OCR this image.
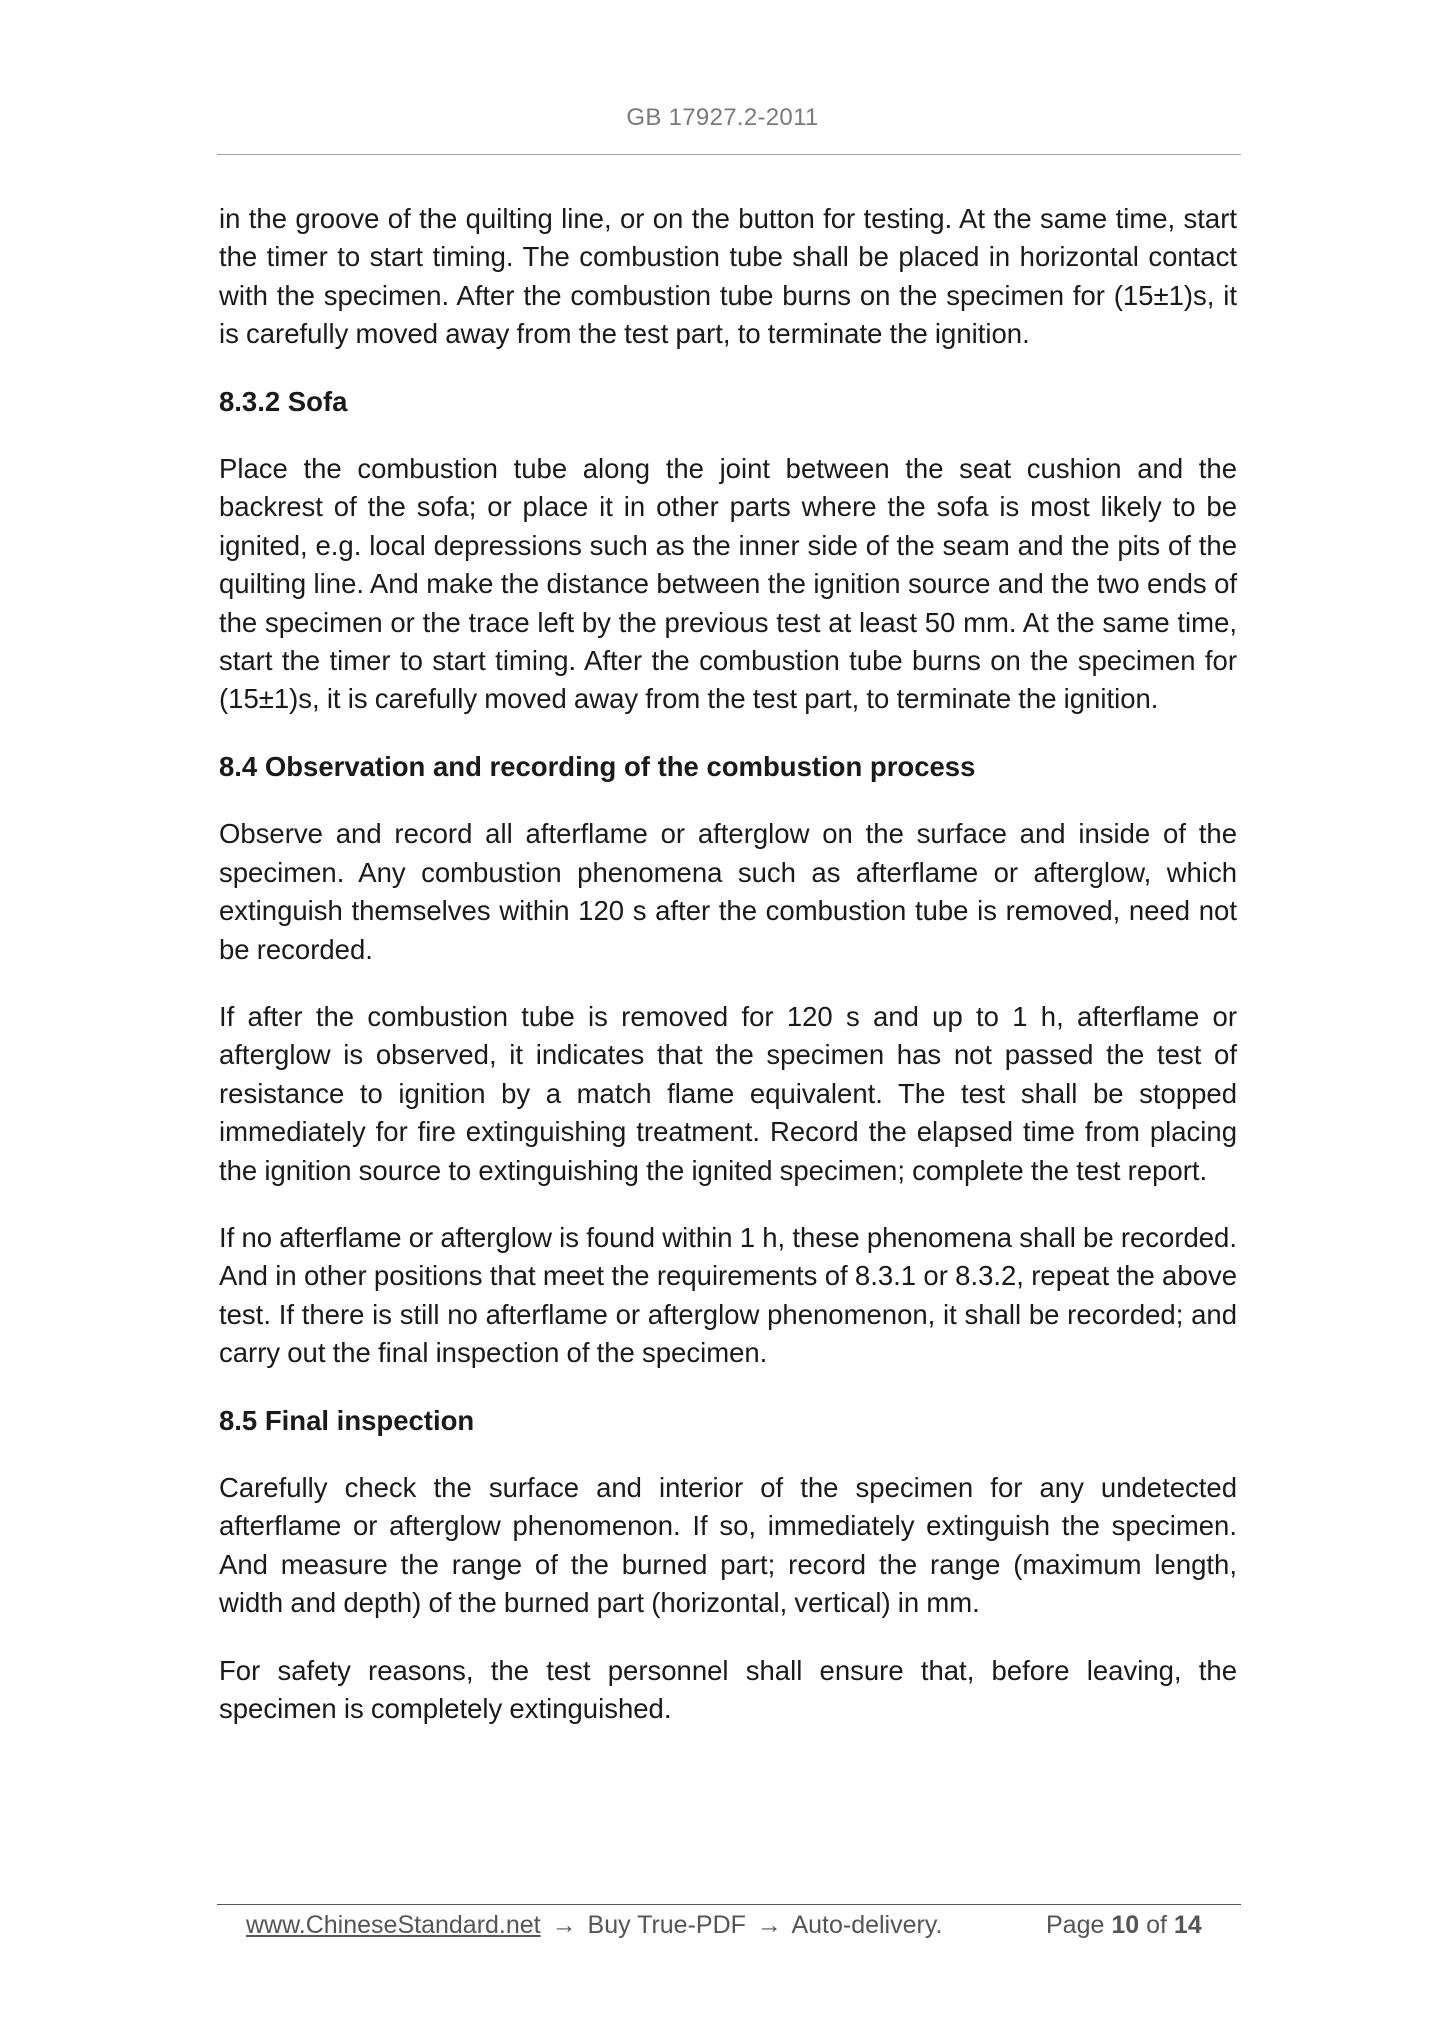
GB 17927.2-2011

in the groove of the quilting line, or on the button for testing. At the same time, start the timer to start timing. The combustion tube shall be placed in horizontal contact with the specimen. After the combustion tube burns on the specimen for (15±1)s, it is carefully moved away from the test part, to terminate the ignition.

8.3.2 Sofa

Place the combustion tube along the joint between the seat cushion and the backrest of the sofa; or place it in other parts where the sofa is most likely to be ignited, e.g. local depressions such as the inner side of the seam and the pits of the quilting line. And make the distance between the ignition source and the two ends of the specimen or the trace left by the previous test at least 50 mm. At the same time, start the timer to start timing. After the combustion tube burns on the specimen for (15±1)s, it is carefully moved away from the test part, to terminate the ignition.

8.4 Observation and recording of the combustion process

Observe and record all afterflame or afterglow on the surface and inside of the specimen. Any combustion phenomena such as afterflame or afterglow, which extinguish themselves within 120 s after the combustion tube is removed, need not be recorded.

If after the combustion tube is removed for 120 s and up to 1 h, afterflame or afterglow is observed, it indicates that the specimen has not passed the test of resistance to ignition by a match flame equivalent. The test shall be stopped immediately for fire extinguishing treatment. Record the elapsed time from placing the ignition source to extinguishing the ignited specimen; complete the test report.

If no afterflame or afterglow is found within 1 h, these phenomena shall be recorded. And in other positions that meet the requirements of 8.3.1 or 8.3.2, repeat the above test. If there is still no afterflame or afterglow phenomenon, it shall be recorded; and carry out the final inspection of the specimen.

8.5 Final inspection

Carefully check the surface and interior of the specimen for any undetected afterflame or afterglow phenomenon. If so, immediately extinguish the specimen. And measure the range of the burned part; record the range (maximum length, width and depth) of the burned part (horizontal, vertical) in mm.

For safety reasons, the test personnel shall ensure that, before leaving, the specimen is completely extinguished.

www.ChineseStandard.net → Buy True-PDF → Auto-delivery.	Page 10 of 14
